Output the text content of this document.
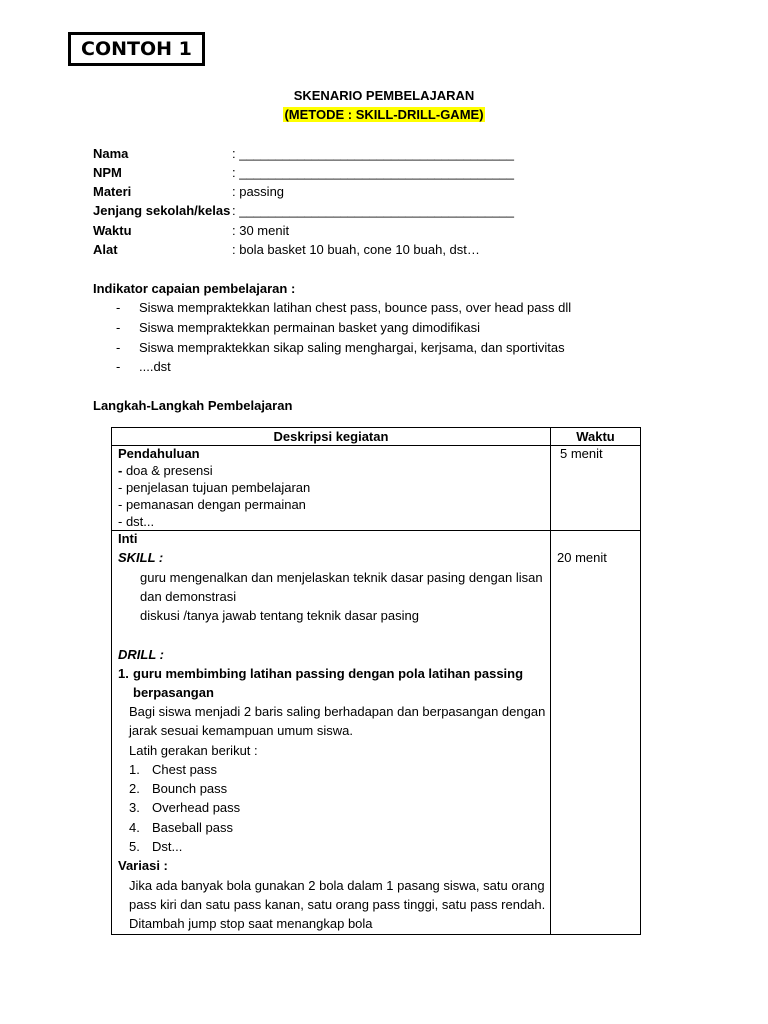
CONTOH 1
SKENARIO PEMBELAJARAN
(METODE : SKILL-DRILL-GAME)
Nama	: ______________________________________
NPM	: ______________________________________
Materi	: passing
Jenjang sekolah/kelas : ______________________________________
Waktu	: 30 menit
Alat	: bola basket 10 buah, cone 10 buah, dst…
Indikator capaian pembelajaran :
- Siswa mempraktekkan latihan chest pass, bounce pass, over head pass dll
- Siswa mempraktekkan permainan basket yang dimodifikasi
- Siswa mempraktekkan sikap saling menghargai, kerjsama, dan sportivitas
- ....dst
Langkah-Langkah Pembelajaran
Deskripsi kegiatan	Waktu
Pendahuluan	5 menit
- doa & presensi
- penjelasan tujuan pembelajaran
- pemanasan dengan permainan
- dst...
Inti
SKILL :	20 menit
guru mengenalkan dan menjelaskan teknik dasar pasing dengan lisan
dan demonstrasi
diskusi /tanya jawab tentang teknik dasar pasing
DRILL :
1. guru membimbing latihan passing dengan pola latihan passing
berpasangan
Bagi siswa menjadi 2 baris saling berhadapan dan berpasangan dengan
jarak sesuai kemampuan umum siswa.
Latih gerakan berikut :
1. Chest pass
2. Bounch pass
3. Overhead pass
4. Baseball pass
5. Dst...
Variasi :
Jika ada banyak bola gunakan 2 bola dalam 1 pasang siswa, satu orang
pass kiri dan satu pass kanan, satu orang pass tinggi, satu pass rendah.
Ditambah jump stop saat menangkap bola
